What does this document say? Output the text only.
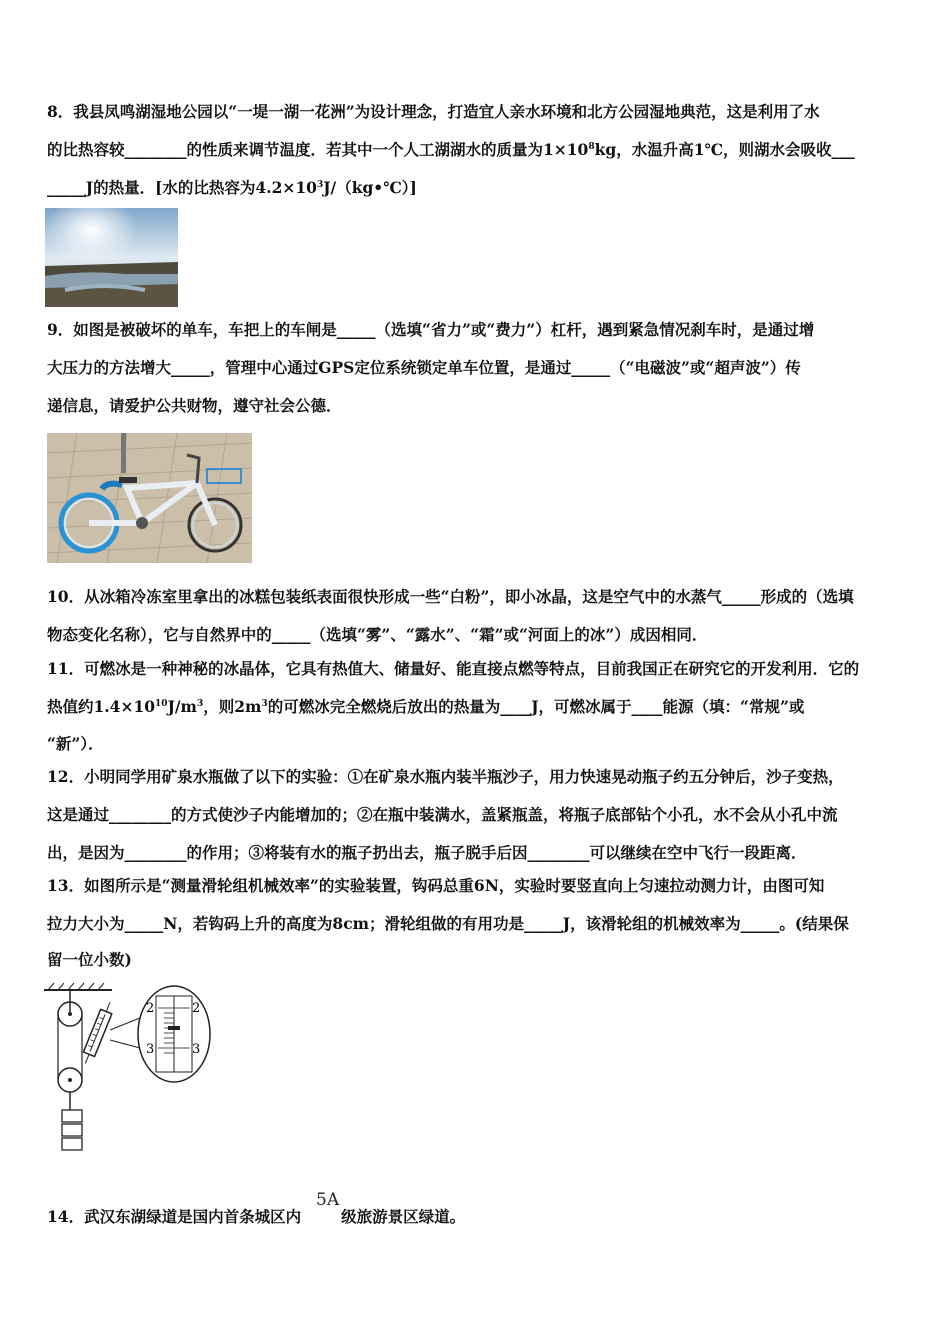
8．我县凤鸣湖湿地公园以“一堤一湖一花洲”为设计理念，打造宜人亲水环境和北方公园湿地典范，这是利用了水
的比热容较________的性质来调节温度．若其中一个人工湖湖水的质量为$1\times 10^8kg$，水温升高1℃，则湖水会吸收___
_____J的热量．[水的比热容为$4.2\times 10^3J/(kg•℃)$]
9．如图是被破坏的单车，车把上的车闸是_____（选填“省力”或“费力”）杠杆，遇到紧急情况刹车时，是通过增
大压力的方法增大_____，管理中心通过GPS定位系统锁定单车位置，是通过_____（“电磁波”或“超声波”）传
递信息，请爱护公共财物，遵守社会公德．
10．从冰箱冷冻室里拿出的冰糕包装纸表面很快形成一些“白粉”，即小冰晶，这是空气中的水蒸气_____形成的（选填
物态变化名称），它与自然界中的_____（选填“雾”、“露水”、“霜”或“河面上的冰”）成因相同．
11．可燃冰是一种神秘的冰晶体，它具有热值大、储量好、能直接点燃等特点，目前我国正在研究它的开发利用．它的
热值约$1.4\times 10^{10}J/m^3$，则$2m^3$的可燃冰完全燃烧后放出的热量为____J，可燃冰属于____能源（填：“常规”或
“新”）．
12．小明同学用矿泉水瓶做了以下的实验：①在矿泉水瓶内装半瓶沙子，用力快速晃动瓶子约五分钟后，沙子变热，
这是通过________的方式使沙子内能增加的；②在瓶中装满水，盖紧瓶盖，将瓶子底部钻个小孔，水不会从小孔中流
出，是因为________的作用；③将装有水的瓶子扔出去，瓶子脱手后因________可以继续在空中飞行一段距离．
13．如图所示是“测量滑轮组机械效率”的实验装置，钩码总重6N，实验时要竖直向上匀速拉动测力计，由图可知
拉力大小为_____N，若钩码上升的高度为8cm；滑轮组做的有用功是_____J，该滑轮组的机械效率为_____。(结果保
留一位小数)
2	2
3	3
14．武汉东湖绿道是国内首条城区内	级旅游景区绿道。
5A
